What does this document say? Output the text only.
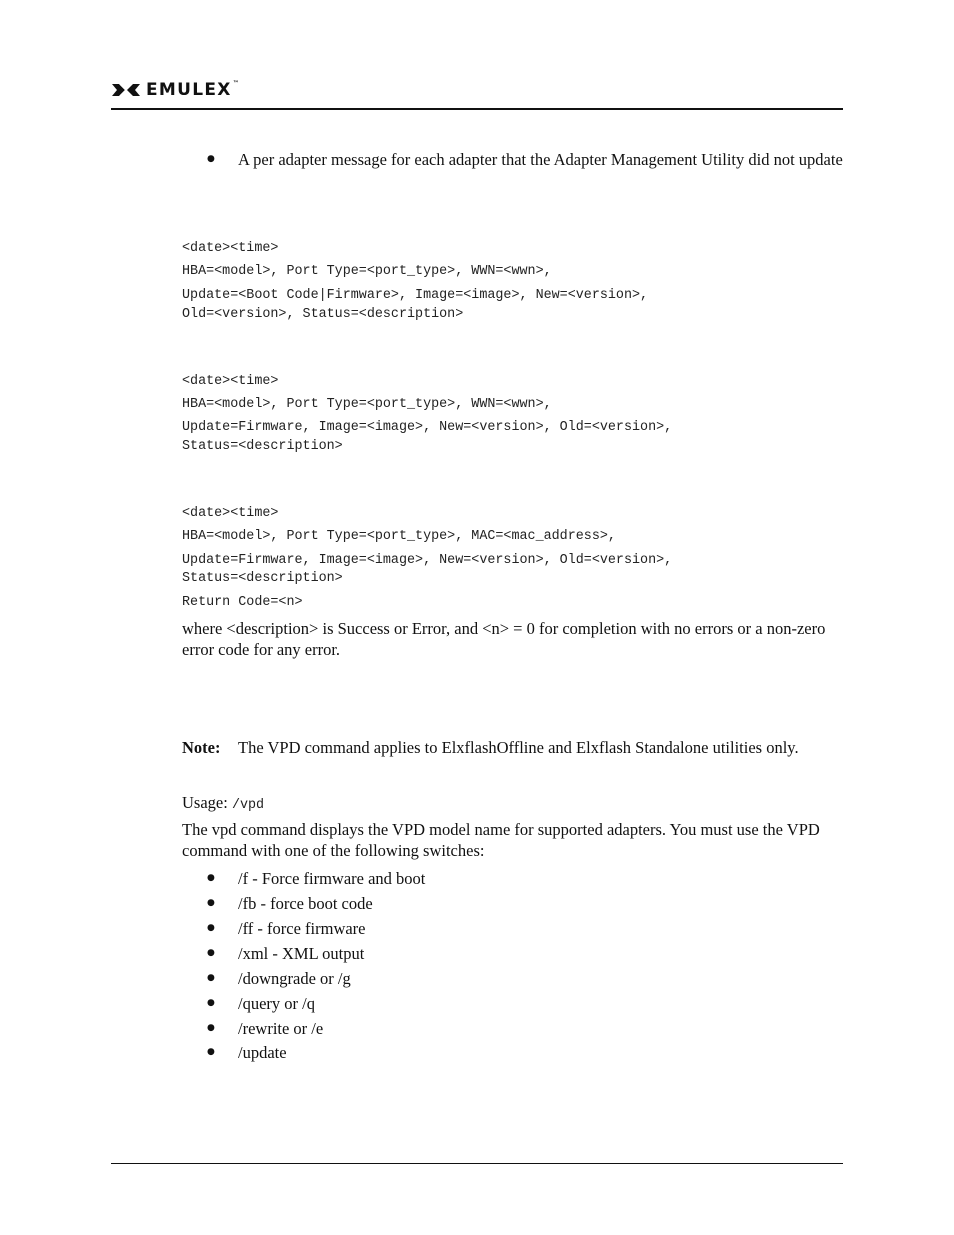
EMULEX™
●	A per adapter message for each adapter that the Adapter Management Utility did not update
<date><time>
HBA=<model>, Port Type=<port_type>, WWN=<wwn>,
Update=<Boot Code|Firmware>, Image=<image>, New=<version>,
Old=<version>, Status=<description>
<date><time>
HBA=<model>, Port Type=<port_type>, WWN=<wwn>,
Update=Firmware, Image=<image>, New=<version>, Old=<version>,
Status=<description>
<date><time>
HBA=<model>, Port Type=<port_type>, MAC=<mac_address>,
Update=Firmware, Image=<image>, New=<version>, Old=<version>,
Status=<description>
Return Code=<n>
where <description> is Success or Error, and <n> = 0 for completion with no errors or a non-zero error code for any error.
Note: The VPD command applies to ElxflashOffline and Elxflash Standalone utilities only.
Usage: /vpd
The vpd command displays the VPD model name for supported adapters. You must use the VPD command with one of the following switches:
●	/f - Force firmware and boot
●	/fb - force boot code
●	/ff - force firmware
●	/xml - XML output
●	/downgrade or /g
●	/query or /q
●	/rewrite or /e
●	/update
